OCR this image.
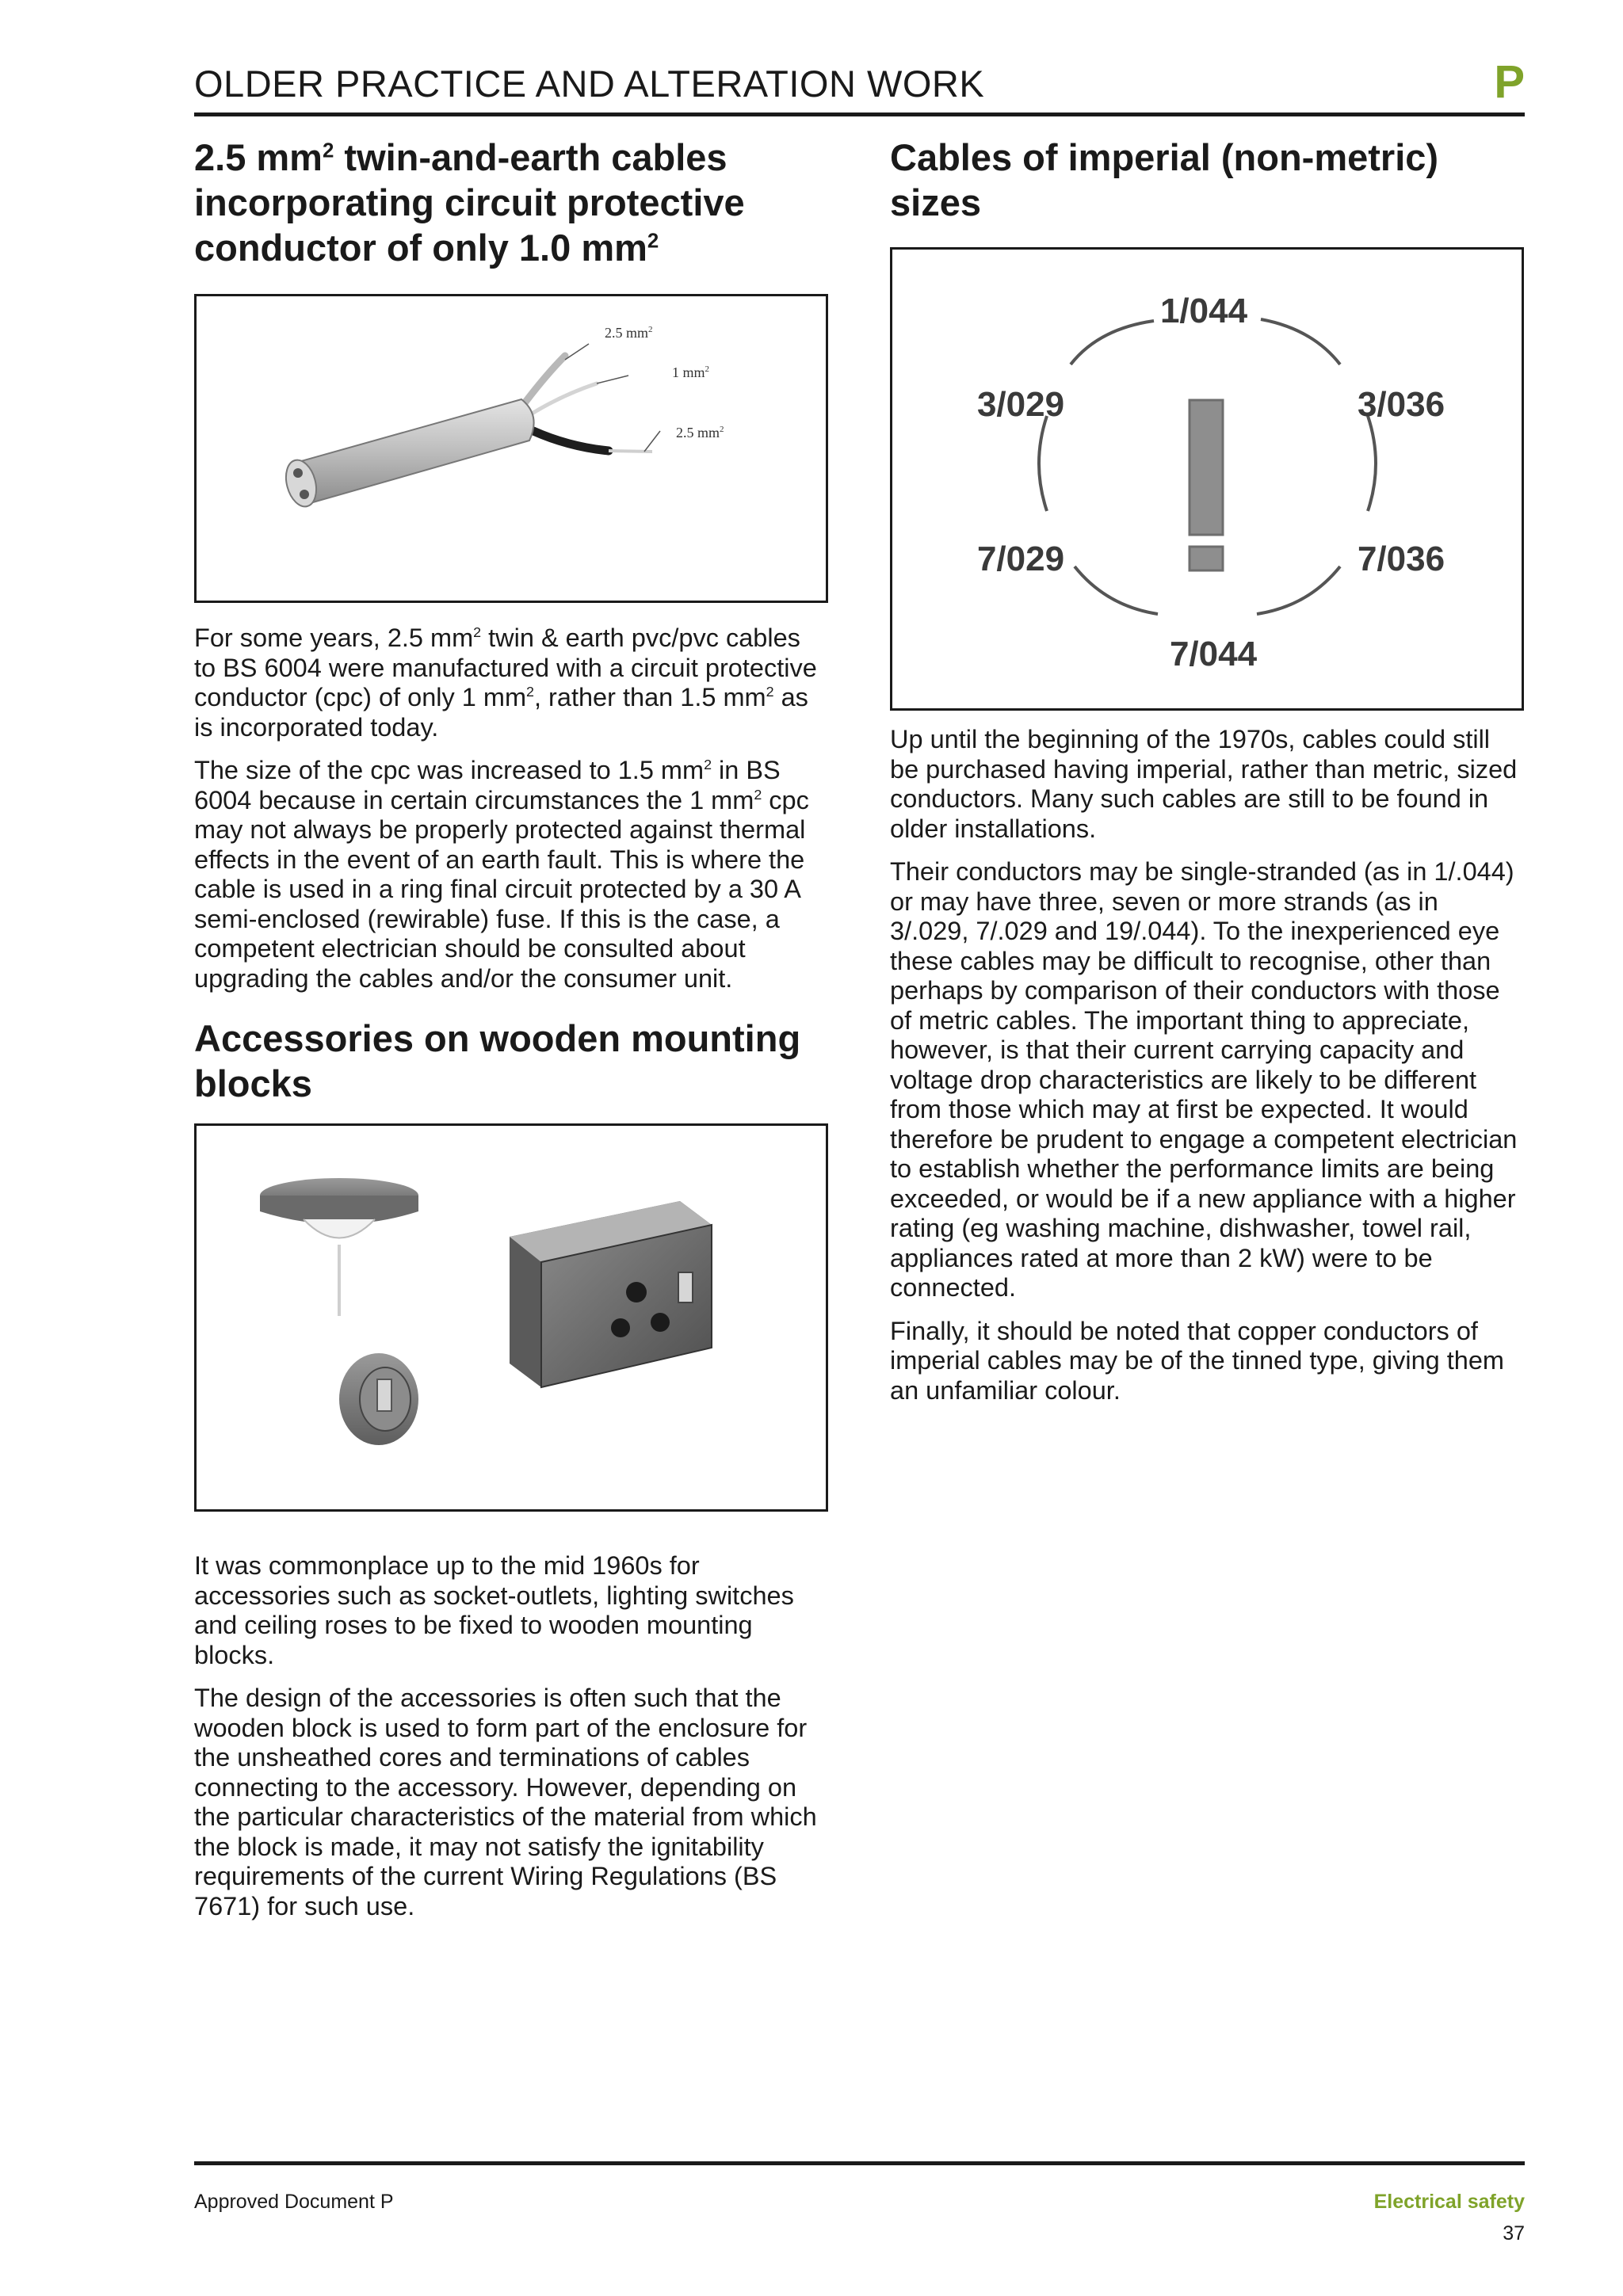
OLDER PRACTICE AND ALTERATION WORK	P
2.5 $mm^2$ twin-and-earth cables incorporating circuit protective conductor of only 1.0 $mm^2$
2.5 $mm^2$
1 $mm^2$
2.5 $mm^2$

For some years, 2.5 $mm^2$ twin & earth pvc/pvc cables to BS 6004 were manufactured with a circuit protective conductor (cpc) of only 1 $mm^2$, rather than 1.5 $mm^2$ as is incorporated today.

The size of the cpc was increased to 1.5 $mm^2$ in BS 6004 because in certain circumstances the 1 $mm^2$ cpc may not always be properly protected against thermal effects in the event of an earth fault. This is where the cable is used in a ring final circuit protected by a 30 A semi-enclosed (rewirable) fuse. If this is the case, a competent electrician should be consulted about upgrading the cables and/or the consumer unit.

Accessories on wooden mounting blocks

It was commonplace up to the mid 1960s for accessories such as socket-outlets, lighting switches and ceiling roses to be fixed to wooden mounting blocks.

The design of the accessories is often such that the wooden block is used to form part of the enclosure for the unsheathed cores and terminations of cables connecting to the accessory. However, depending on the particular characteristics of the material from which the block is made, it may not satisfy the ignitability requirements of the current Wiring Regulations (BS 7671) for such use.

Cables of imperial (non-metric) sizes
1/044
3/036
7/036
7/044
7/029
3/029

Up until the beginning of the 1970s, cables could still be purchased having imperial, rather than metric, sized conductors. Many such cables are still to be found in older installations.

Their conductors may be single-stranded (as in 1/.044) or may have three, seven or more strands (as in 3/.029, 7/.029 and 19/.044). To the inexperienced eye these cables may be difficult to recognise, other than perhaps by comparison of their conductors with those of metric cables. The important thing to appreciate, however, is that their current carrying capacity and voltage drop characteristics are likely to be different from those which may at first be expected. It would therefore be prudent to engage a competent electrician to establish whether the performance limits are being exceeded, or would be if a new appliance with a higher rating (eg washing machine, dishwasher, towel rail, appliances rated at more than 2 kW) were to be connected.

Finally, it should be noted that copper conductors of imperial cables may be of the tinned type, giving them an unfamiliar colour.

Approved Document P	Electrical safety
37
